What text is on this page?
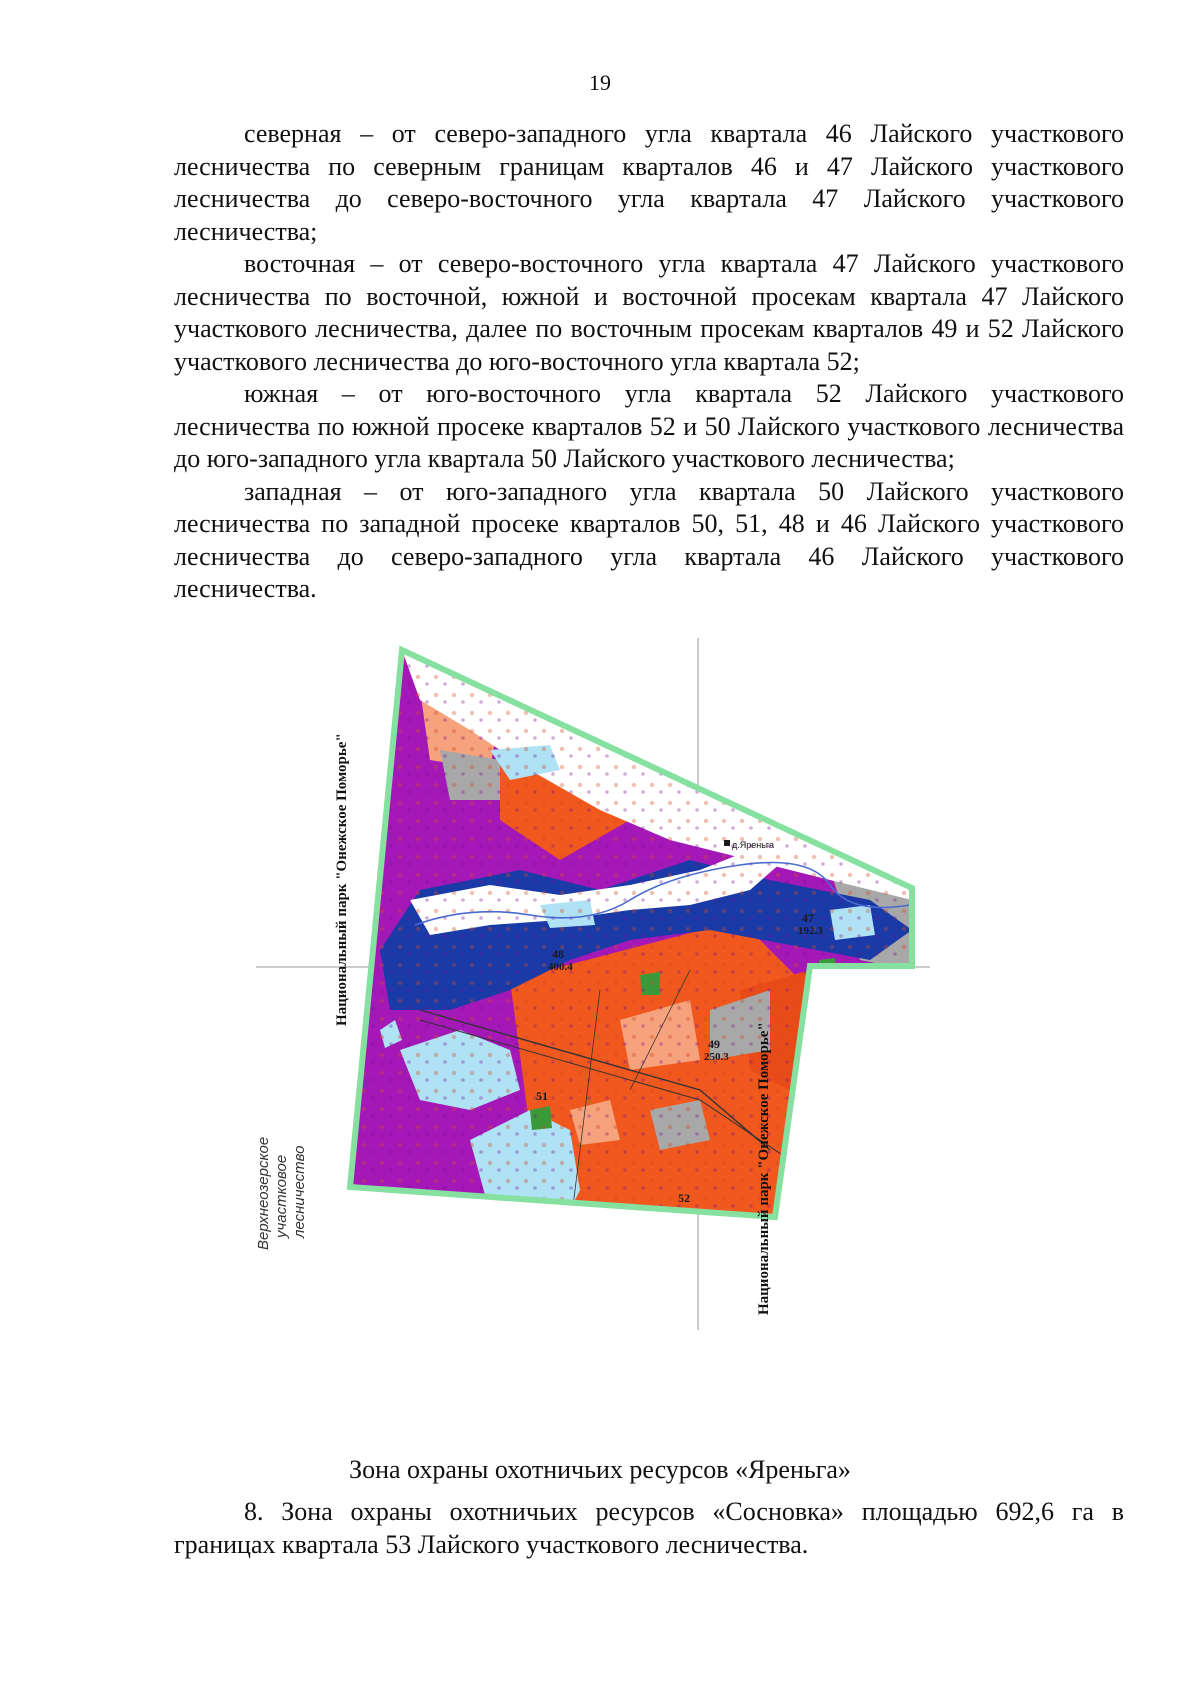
19

северная – от северо-западного угла квартала 46 Лайского участкового лесничества по северным границам кварталов 46 и 47 Лайского участкового лесничества до северо-восточного угла квартала 47 Лайского участкового лесничества;

восточная – от северо-восточного угла квартала 47 Лайского участкового лесничества по восточной, южной и восточной просекам квартала 47 Лайского участкового лесничества, далее по восточным просекам кварталов 49 и 52 Лайского участкового лесничества до юго-восточного угла квартала 52;

южная – от юго-восточного угла квартала 52 Лайского участкового лесничества по южной просеке кварталов 52 и 50 Лайского участкового лесничества до юго-западного угла квартала 50 Лайского участкового лесничества;

западная – от юго-западного угла квартала 50 Лайского участкового лесничества по западной просеке кварталов 50, 51, 48 и 46 Лайского участкового лесничества до северо-западного угла квартала 46 Лайского участкового лесничества.

д.Яреньга
47
192.3
48
400.4
49
250.3
51
52
Национальный парк "Онежское Поморье"
Национальный парк "Онежское Поморье"
Верхнеозерское участковое лесничество
Зона охраны охотничьих ресурсов «Яреньга»

8. Зона охраны охотничьих ресурсов «Сосновка» площадью 692,6 га в границах квартала 53 Лайского участкового лесничества.
